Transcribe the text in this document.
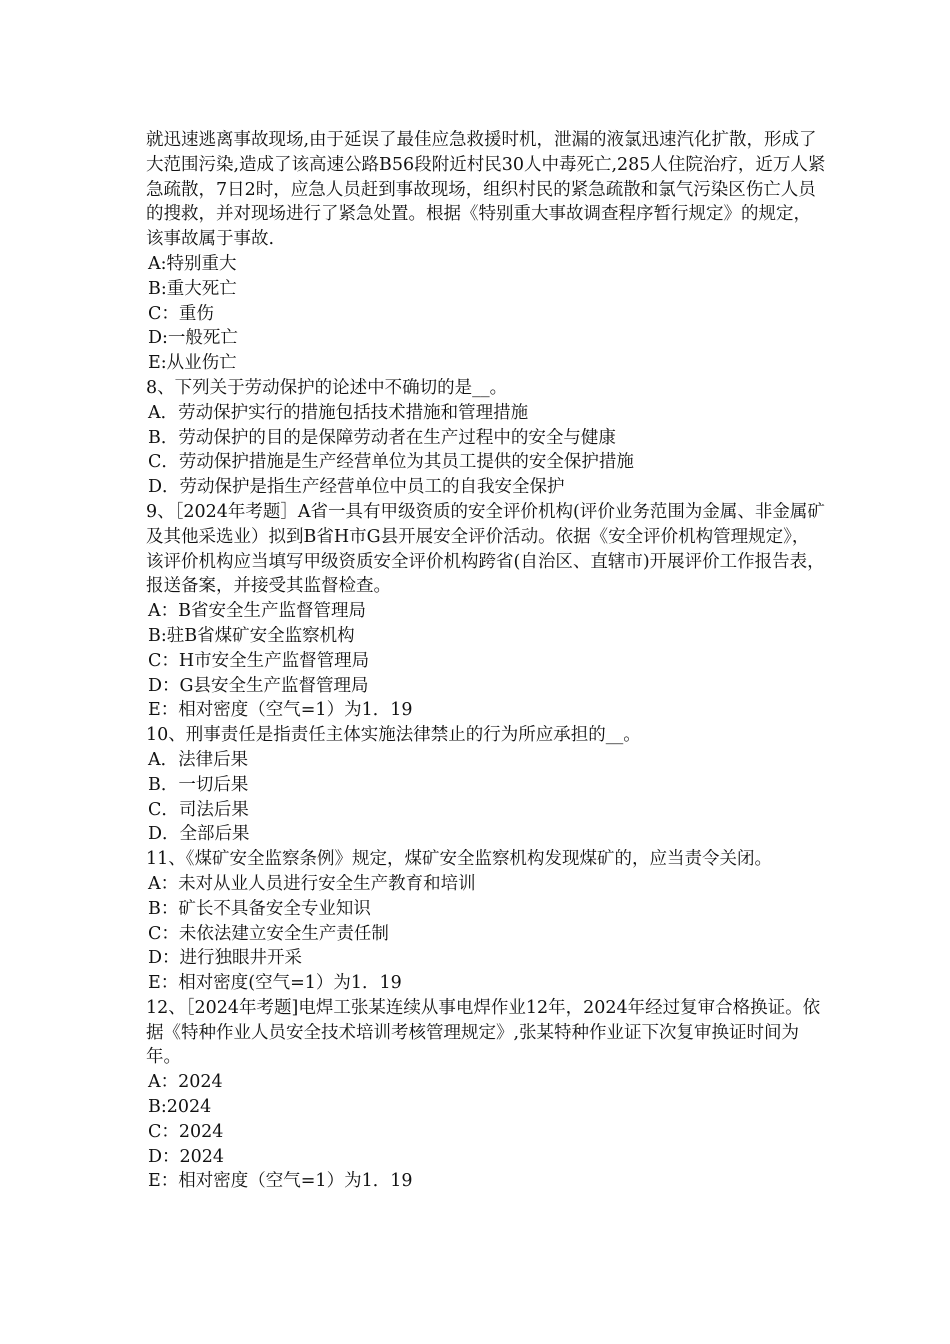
就迅速逃离事故现场,由于延误了最佳应急救援时机，泄漏的液氯迅速汽化扩散，形成了大范围污染,造成了该高速公路B56段附近村民30人中毒死亡,285人住院治疗，近万人紧急疏散，7日2时，应急人员赶到事故现场，组织村民的紧急疏散和氯气污染区伤亡人员的搜救，并对现场进行了紧急处置。根据《特别重大事故调查程序暂行规定》的规定，该事故属于事故.
A:特别重大
B:重大死亡
C：重伤
D:一般死亡
E:从业伤亡
8、下列关于劳动保护的论述中不确切的是__。
A．劳动保护实行的措施包括技术措施和管理措施
B．劳动保护的目的是保障劳动者在生产过程中的安全与健康
C．劳动保护措施是生产经营单位为其员工提供的安全保护措施
D．劳动保护是指生产经营单位中员工的自我安全保护
9、［2024年考题］A省一具有甲级资质的安全评价机构(评价业务范围为金属、非金属矿及其他采选业）拟到B省H市G县开展安全评价活动。依据《安全评价机构管理规定》，该评价机构应当填写甲级资质安全评价机构跨省(自治区、直辖市)开展评价工作报告表，报送备案，并接受其监督检查。
A：B省安全生产监督管理局
B:驻B省煤矿安全监察机构
C：H市安全生产监督管理局
D：G县安全生产监督管理局
E：相对密度（空气=1）为1．19
10、刑事责任是指责任主体实施法律禁止的行为所应承担的__。
A．法律后果
B．一切后果
C．司法后果
D．全部后果
11、《煤矿安全监察条例》规定，煤矿安全监察机构发现煤矿的，应当责令关闭。
A：未对从业人员进行安全生产教育和培训
B：矿长不具备安全专业知识
C：未依法建立安全生产责任制
D：进行独眼井开采
E：相对密度(空气=1）为1．19
12、［2024年考题]电焊工张某连续从事电焊作业12年，2024年经过复审合格换证。依据《特种作业人员安全技术培训考核管理规定》,张某特种作业证下次复审换证时间为年。
A：2024
B:2024
C：2024
D：2024
E：相对密度（空气=1）为1．19
